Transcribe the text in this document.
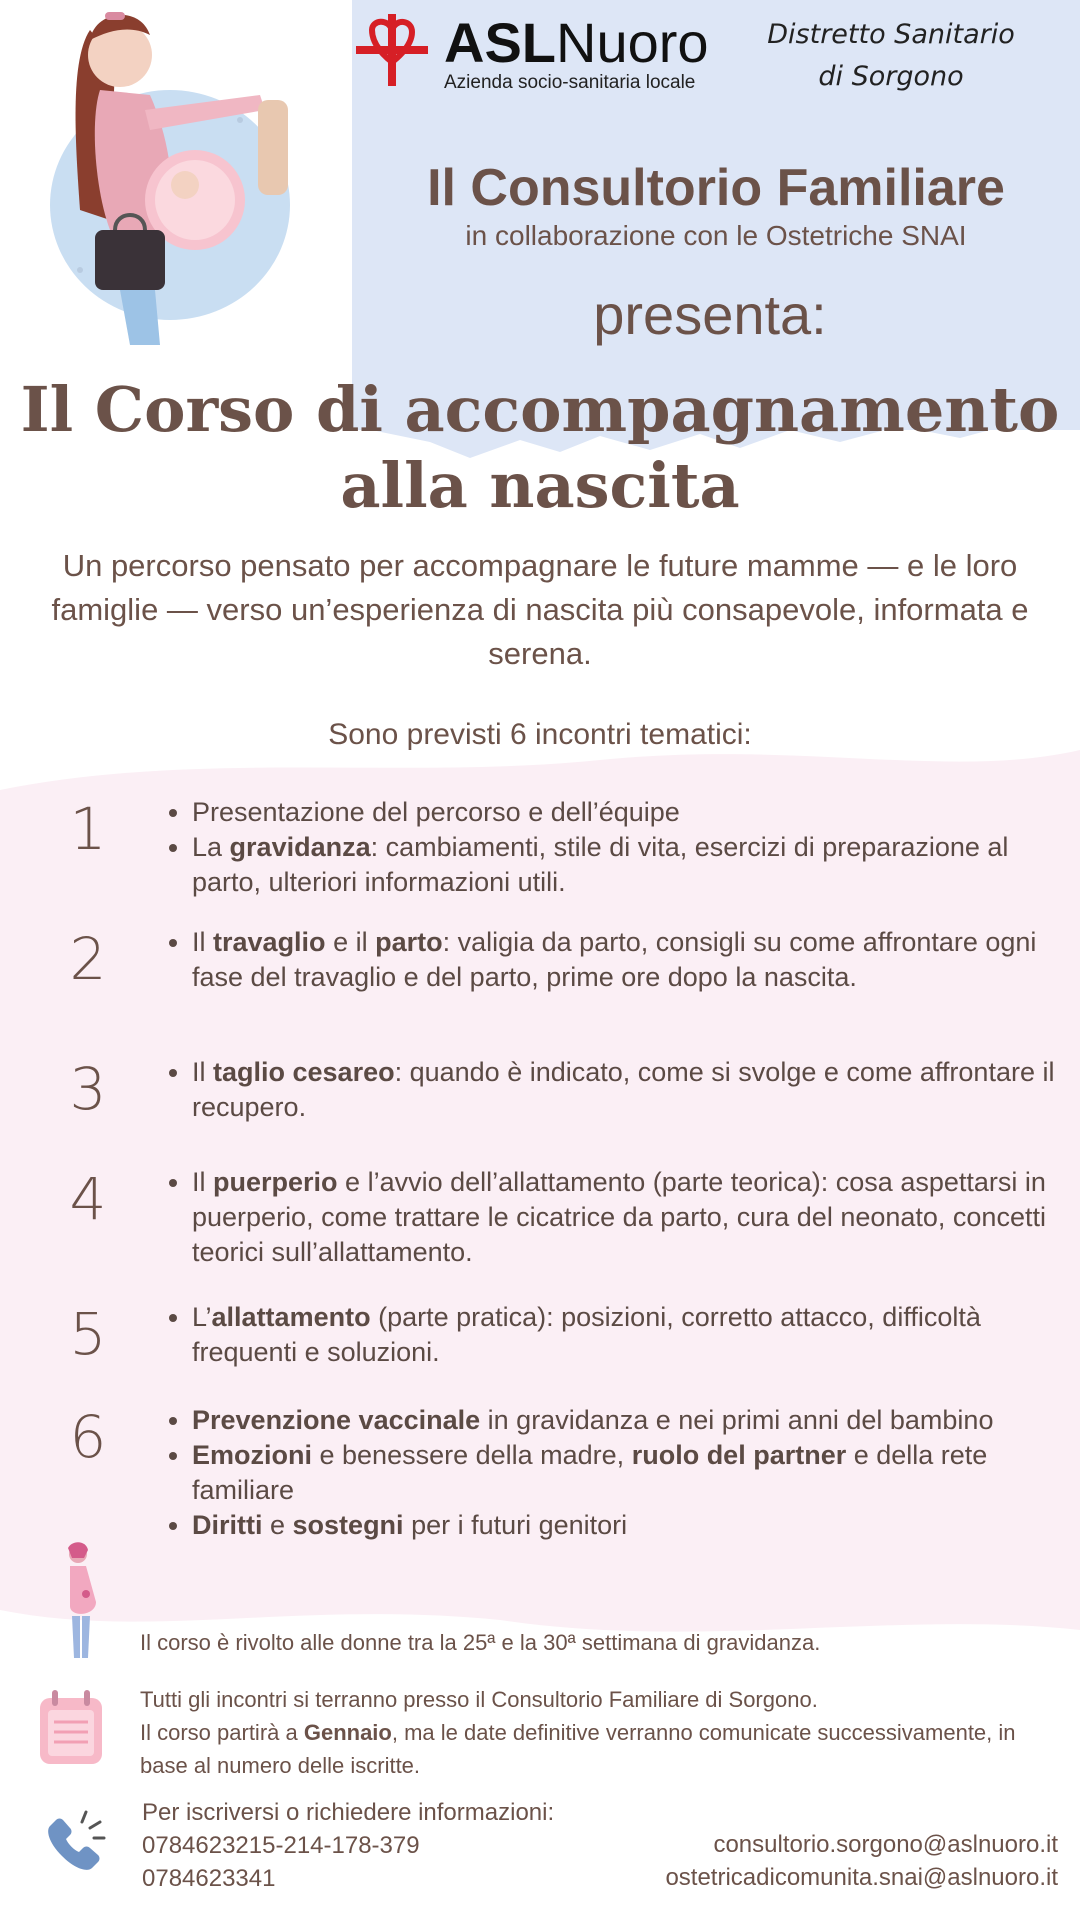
ASLNuoro
Azienda socio-sanitaria locale
Distretto Sanitario
di Sorgono
Il Consultorio Familiare
in collaborazione con le Ostetriche SNAI
presenta:
Il Corso di accompagnamento
alla nascita
Un percorso pensato per accompagnare le future mamme — e le loro famiglie — verso un’esperienza di nascita più consapevole, informata e serena.
Sono previsti 6 incontri tematici:
1	• Presentazione del percorso e dell’équipe
• La gravidanza: cambiamenti, stile di vita, esercizi di preparazione al parto, ulteriori informazioni utili.
2	• Il travaglio e il parto: valigia da parto, consigli su come affrontare ogni fase del travaglio e del parto, prime ore dopo la nascita.
3	• Il taglio cesareo: quando è indicato, come si svolge e come affrontare il recupero.
4	• Il puerperio e l’avvio dell’allattamento (parte teorica): cosa aspettarsi in puerperio, come trattare le cicatrice da parto, cura del neonato, concetti teorici sull’allattamento.
5	• L’allattamento (parte pratica): posizioni, corretto attacco, difficoltà frequenti e soluzioni.
6	• Prevenzione vaccinale in gravidanza e nei primi anni del bambino
• Emozioni e benessere della madre, ruolo del partner e della rete familiare
• Diritti e sostegni per i futuri genitori
Il corso è rivolto alle donne tra la 25ª e la 30ª settimana di gravidanza.
Tutti gli incontri si terranno presso il Consultorio Familiare di Sorgono.
Il corso partirà a Gennaio, ma le date definitive verranno comunicate successivamente, in base al numero delle iscritte.
Per iscriversi o richiedere informazioni:
0784623215-214-178-379
0784623341
consultorio.sorgono@aslnuoro.it
ostetricadicomunita.snai@aslnuoro.it
